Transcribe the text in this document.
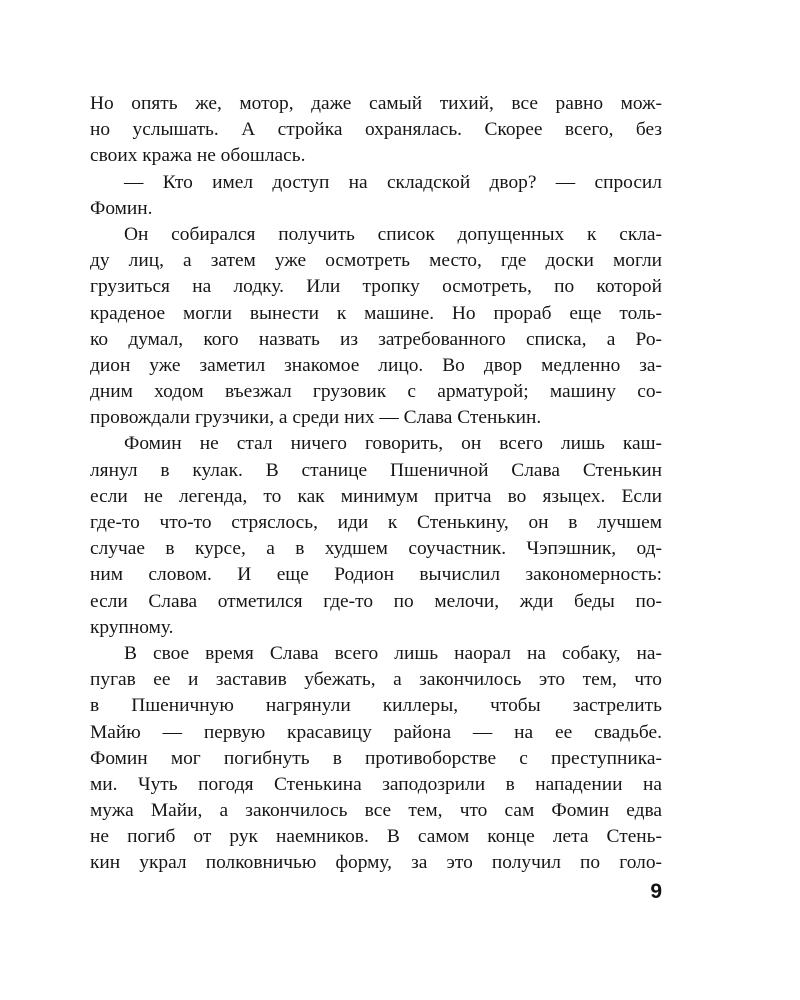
Но опять же, мотор, даже самый тихий, все равно мож-
но услышать. А стройка охранялась. Скорее всего, без
своих кража не обошлась.
— Кто имел доступ на складской двор? — спросил
Фомин.
Он собирался получить список допущенных к скла-
ду лиц, а затем уже осмотреть место, где доски могли
грузиться на лодку. Или тропку осмотреть, по которой
краденое могли вынести к машине. Но прораб еще толь-
ко думал, кого назвать из затребованного списка, а Ро-
дион уже заметил знакомое лицо. Во двор медленно за-
дним ходом въезжал грузовик с арматурой; машину со-
провождали грузчики, а среди них — Слава Стенькин.
Фомин не стал ничего говорить, он всего лишь каш-
лянул в кулак. В станице Пшеничной Слава Стенькин
если не легенда, то как минимум притча во языцех. Если
где-то что-то стряслось, иди к Стенькину, он в лучшем
случае в курсе, а в худшем соучастник. Чэпэшник, од-
ним словом. И еще Родион вычислил закономерность:
если Слава отметился где-то по мелочи, жди беды по-
крупному.
В свое время Слава всего лишь наорал на собаку, на-
пугав ее и заставив убежать, а закончилось это тем, что
в Пшеничную нагрянули киллеры, чтобы застрелить
Майю — первую красавицу района — на ее свадьбе.
Фомин мог погибнуть в противоборстве с преступника-
ми. Чуть погодя Стенькина заподозрили в нападении на
мужа Майи, а закончилось все тем, что сам Фомин едва
не погиб от рук наемников. В самом конце лета Стень-
кин украл полковничью форму, за это получил по голо-
9
